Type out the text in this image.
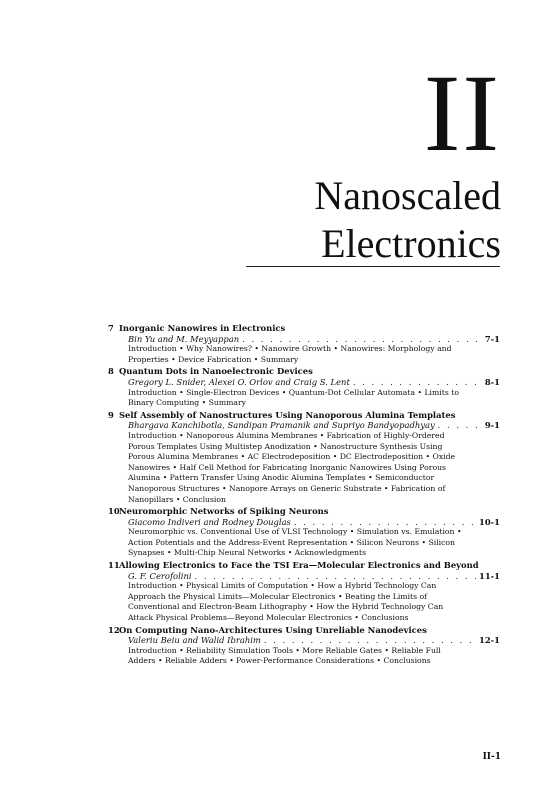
II
Nanoscaled
Electronics
7 Inorganic Nanowires in Electronics
Bin Yu and M. Meyyappan . . .	7-1
Introduction • Why Nanowires? • Nanowire Growth • Nanowires: Morphology and Properties • Device Fabrication • Summary
8 Quantum Dots in Nanoelectronic Devices
Gregory L. Snider, Alexei O. Orlov and Craig S. Lent . . .	8-1
Introduction • Single-Electron Devices • Quantum-Dot Cellular Automata • Limits to Binary Computing • Summary
9 Self Assembly of Nanostructures Using Nanoporous Alumina Templates
Bhargava Kanchibotla, Sandipan Pramanik and Supriyo Bandyopadhyay . . .	9-1
Introduction • Nanoporous Alumina Membranes • Fabrication of Highly-Ordered Porous Templates Using Multistep Anodization • Nanostructure Synthesis Using Porous Alumina Membranes • AC Electrodeposition • DC Electrodeposition • Oxide Nanowires • Half Cell Method for Fabricating Inorganic Nanowires Using Porous Alumina • Pattern Transfer Using Anodic Alumina Templates • Semiconductor Nanoporous Structures • Nanopore Arrays on Generic Substrate • Fabrication of Nanopillars • Conclusion
10 Neuromorphic Networks of Spiking Neurons
Giacomo Indiveri and Rodney Douglas . . .	10-1
Neuromorphic vs. Conventional Use of VLSI Technology • Simulation vs. Emulation • Action Potentials and the Address-Event Representation • Silicon Neurons • Silicon Synapses • Multi-Chip Neural Networks • Acknowledgments
11 Allowing Electronics to Face the TSI Era—Molecular Electronics and Beyond
G. F. Cerofolini . . .	11-1
Introduction • Physical Limits of Computation • How a Hybrid Technology Can Approach the Physical Limits—Molecular Electronics • Beating the Limits of Conventional and Electron-Beam Lithography • How the Hybrid Technology Can Attack Physical Problems—Beyond Molecular Electronics • Conclusions
12 On Computing Nano-Architectures Using Unreliable Nanodevices
Valeriu Beiu and Walid Ibrahim . . .	12-1
Introduction • Reliability Simulation Tools • More Reliable Gates • Reliable Full Adders • Reliable Adders • Power-Performance Considerations • Conclusions
II-1
